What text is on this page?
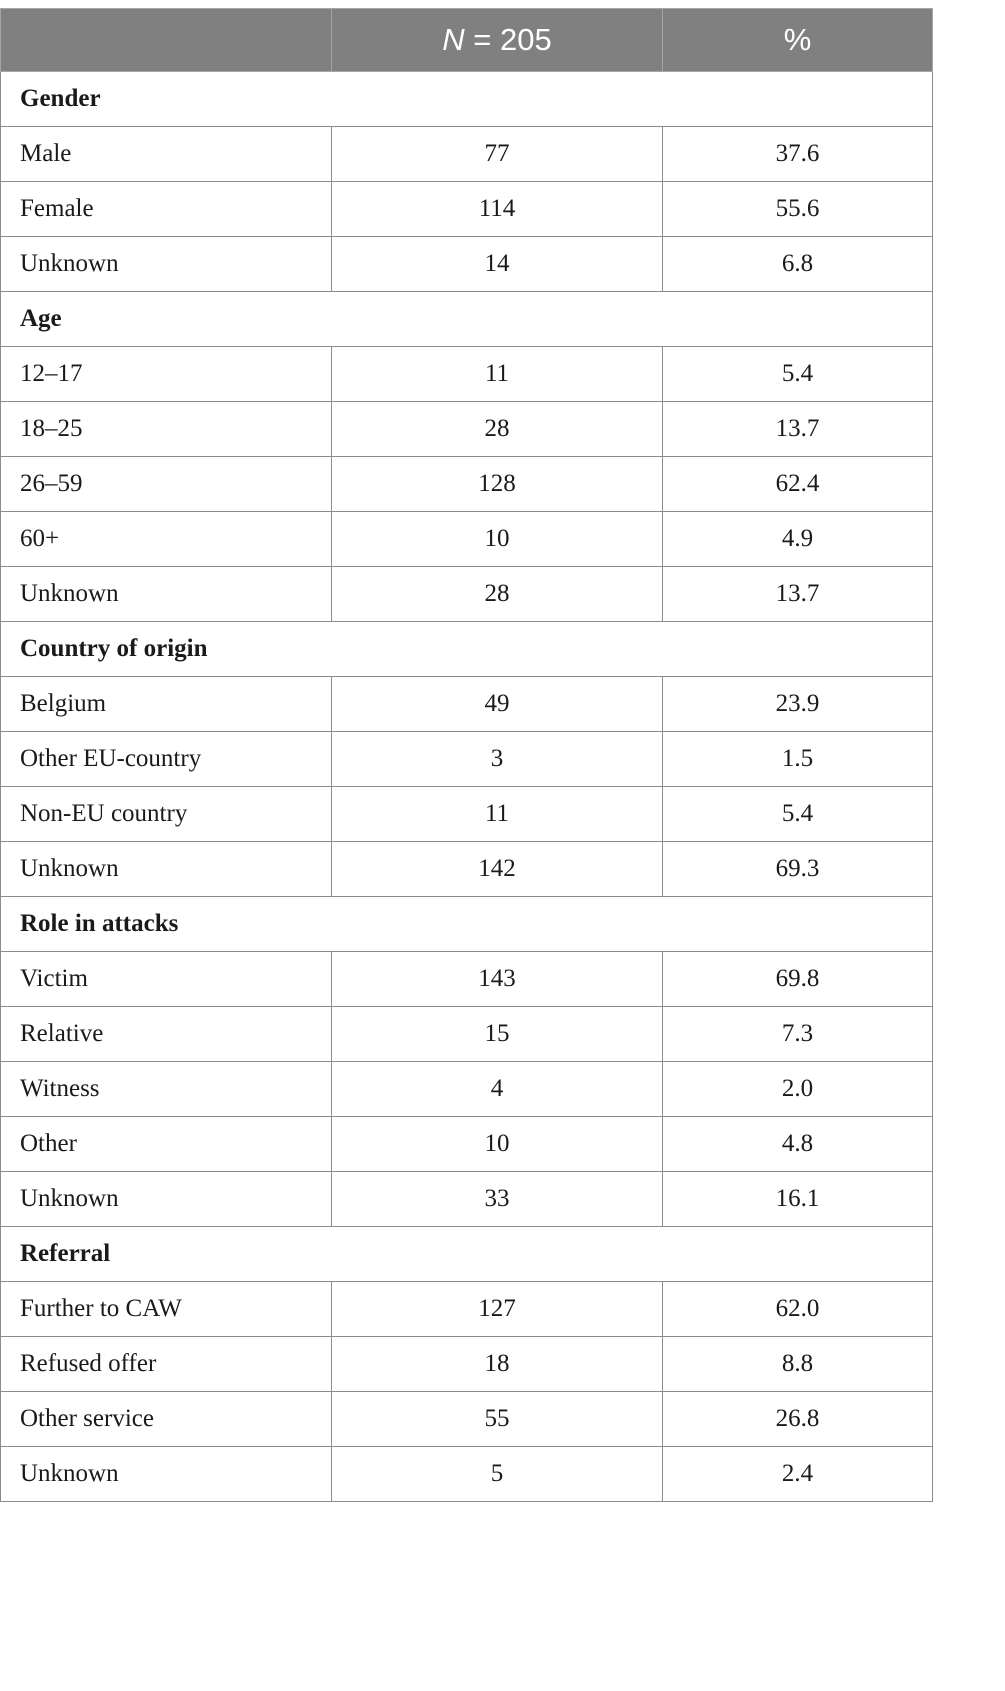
	N = 205	%
Gender		
Male	77	37.6
Female	114	55.6
Unknown	14	6.8
Age		
12–17	11	5.4
18–25	28	13.7
26–59	128	62.4
60+	10	4.9
Unknown	28	13.7
Country of origin		
Belgium	49	23.9
Other EU-country	3	1.5
Non-EU country	11	5.4
Unknown	142	69.3
Role in attacks		
Victim	143	69.8
Relative	15	7.3
Witness	4	2.0
Other	10	4.8
Unknown	33	16.1
Referral		
Further to CAW	127	62.0
Refused offer	18	8.8
Other service	55	26.8
Unknown	5	2.4
